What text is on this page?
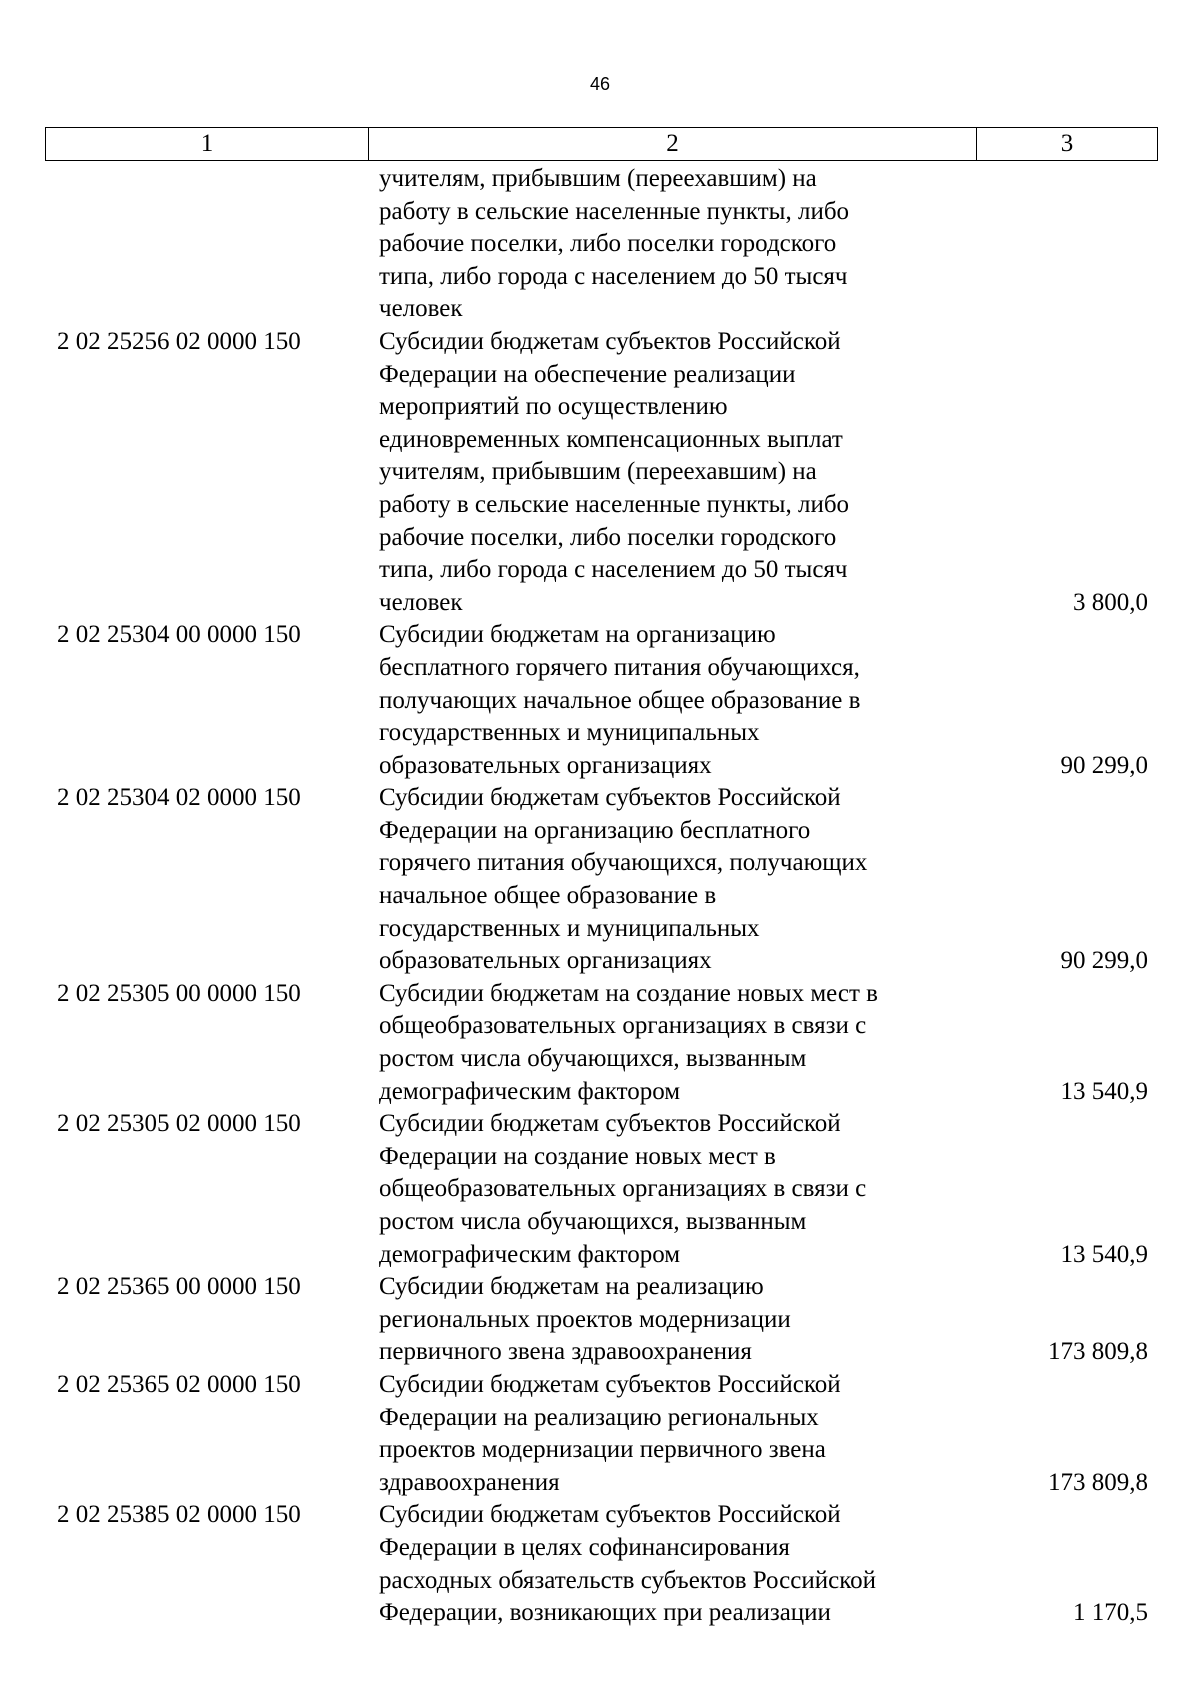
46
1	2	3
учителям, прибывшим (переехавшим) на
работу в сельские населенные пункты, либо
рабочие поселки, либо поселки городского
типа, либо города с населением до 50 тысяч
человек
2 02 25256 02 0000 150	Субсидии бюджетам субъектов Российской
Федерации на обеспечение реализации
мероприятий по осуществлению
единовременных компенсационных выплат
учителям, прибывшим (переехавшим) на
работу в сельские населенные пункты, либо
рабочие поселки, либо поселки городского
типа, либо города с населением до 50 тысяч
человек	3 800,0
2 02 25304 00 0000 150	Субсидии бюджетам на организацию
бесплатного горячего питания обучающихся,
получающих начальное общее образование в
государственных и муниципальных
образовательных организациях	90 299,0
2 02 25304 02 0000 150	Субсидии бюджетам субъектов Российской
Федерации на организацию бесплатного
горячего питания обучающихся, получающих
начальное общее образование в
государственных и муниципальных
образовательных организациях	90 299,0
2 02 25305 00 0000 150	Субсидии бюджетам на создание новых мест в
общеобразовательных организациях в связи с
ростом числа обучающихся, вызванным
демографическим фактором	13 540,9
2 02 25305 02 0000 150	Субсидии бюджетам субъектов Российской
Федерации на создание новых мест в
общеобразовательных организациях в связи с
ростом числа обучающихся, вызванным
демографическим фактором	13 540,9
2 02 25365 00 0000 150	Субсидии бюджетам на реализацию
региональных проектов модернизации
первичного звена здравоохранения	173 809,8
2 02 25365 02 0000 150	Субсидии бюджетам субъектов Российской
Федерации на реализацию региональных
проектов модернизации первичного звена
здравоохранения	173 809,8
2 02 25385 02 0000 150	Субсидии бюджетам субъектов Российской
Федерации в целях софинансирования
расходных обязательств субъектов Российской
Федерации, возникающих при реализации	1 170,5
